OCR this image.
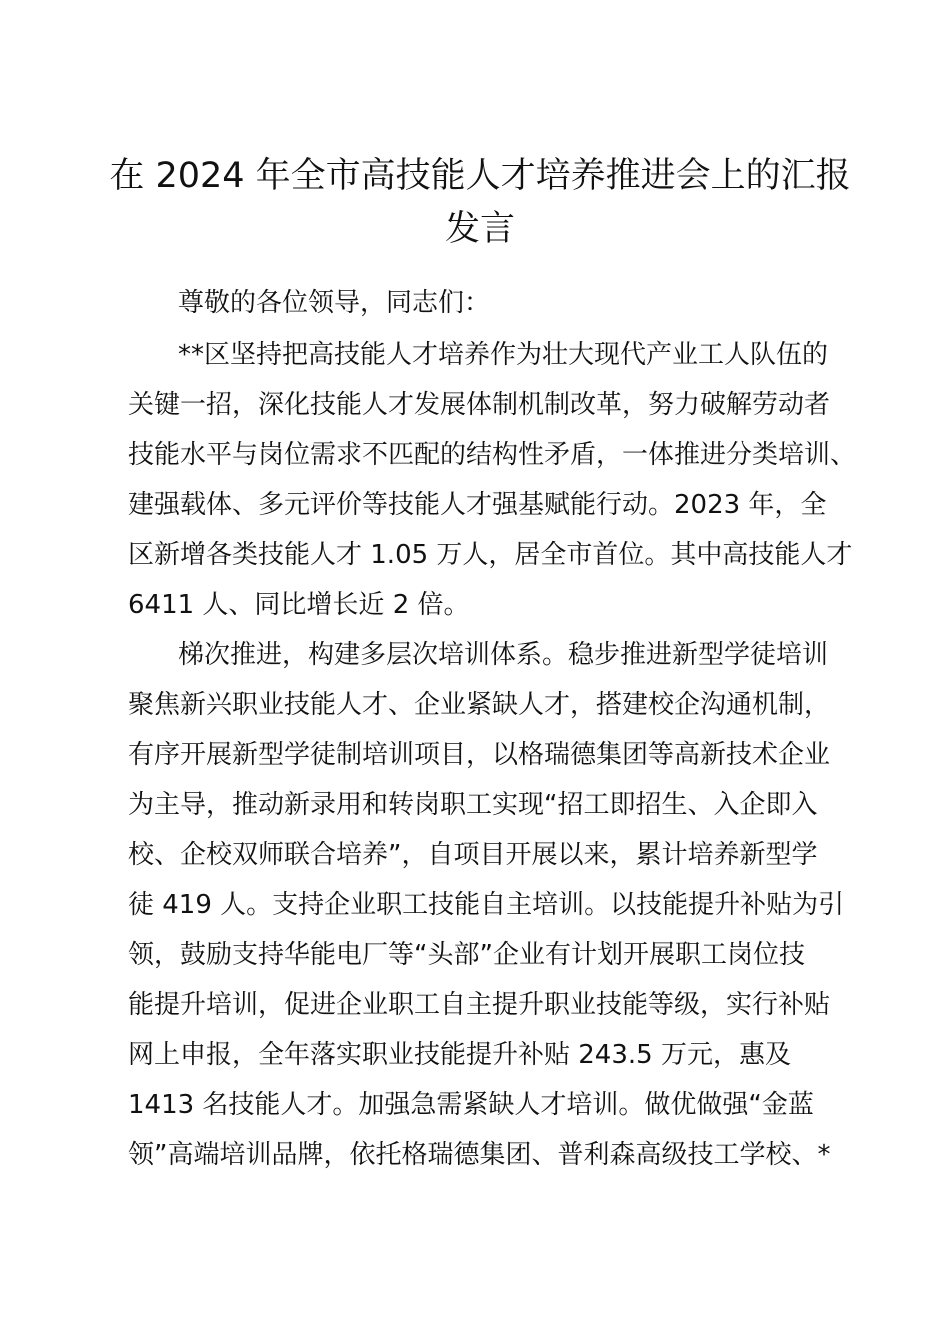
在 2024 年全市高技能人才培养推进会上的汇报发言
尊敬的各位领导，同志们：
**区坚持把高技能人才培养作为壮大现代产业工人队伍的
关键一招，深化技能人才发展体制机制改革，努力破解劳动者
技能水平与岗位需求不匹配的结构性矛盾，一体推进分类培训、
建强载体、多元评价等技能人才强基赋能行动。2023 年，全
区新增各类技能人才 1.05 万人，居全市首位。其中高技能人才
6411 人、同比增长近 2 倍。
梯次推进，构建多层次培训体系。稳步推进新型学徒培训
聚焦新兴职业技能人才、企业紧缺人才，搭建校企沟通机制，
有序开展新型学徒制培训项目，以格瑞德集团等高新技术企业
为主导，推动新录用和转岗职工实现“招工即招生、入企即入
校、企校双师联合培养”，自项目开展以来，累计培养新型学
徒 419 人。支持企业职工技能自主培训。以技能提升补贴为引
领，鼓励支持华能电厂等“头部”企业有计划开展职工岗位技
能提升培训，促进企业职工自主提升职业技能等级，实行补贴
网上申报，全年落实职业技能提升补贴 243.5 万元，惠及
1413 名技能人才。加强急需紧缺人才培训。做优做强“金蓝
领”高端培训品牌，依托格瑞德集团、普利森高级技工学校、*
